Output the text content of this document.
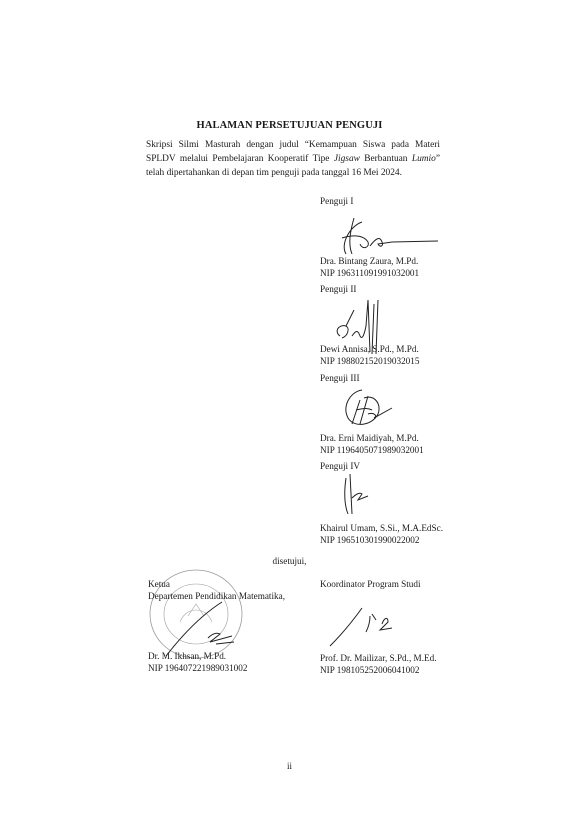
HALAMAN PERSETUJUAN PENGUJI

Skripsi Silmi Masturah dengan judul “Kemampuan Siswa pada Materi SPLDV melalui Pembelajaran Kooperatif Tipe Jigsaw Berbantuan Lumio” telah dipertahankan di depan tim penguji pada tanggal 16 Mei 2024.

Penguji I
Dra. Bintang Zaura, M.Pd.
NIP 196311091991032001
Penguji II
Dewi Annisa, S.Pd., M.Pd.
NIP 198802152019032015
Penguji III
Dra. Erni Maidiyah, M.Pd.
NIP 1196405071989032001
Penguji IV
Khairul Umam, S.Si., M.A.EdSc.
NIP 196510301990022002
disetujui,
Ketua
Departemen Pendidikan Matematika,
Dr. M. Ikhsan, M.Pd.
NIP 196407221989031002
Koordinator Program Studi
Prof. Dr. Mailizar, S.Pd., M.Ed.
NIP 198105252006041002
ii
